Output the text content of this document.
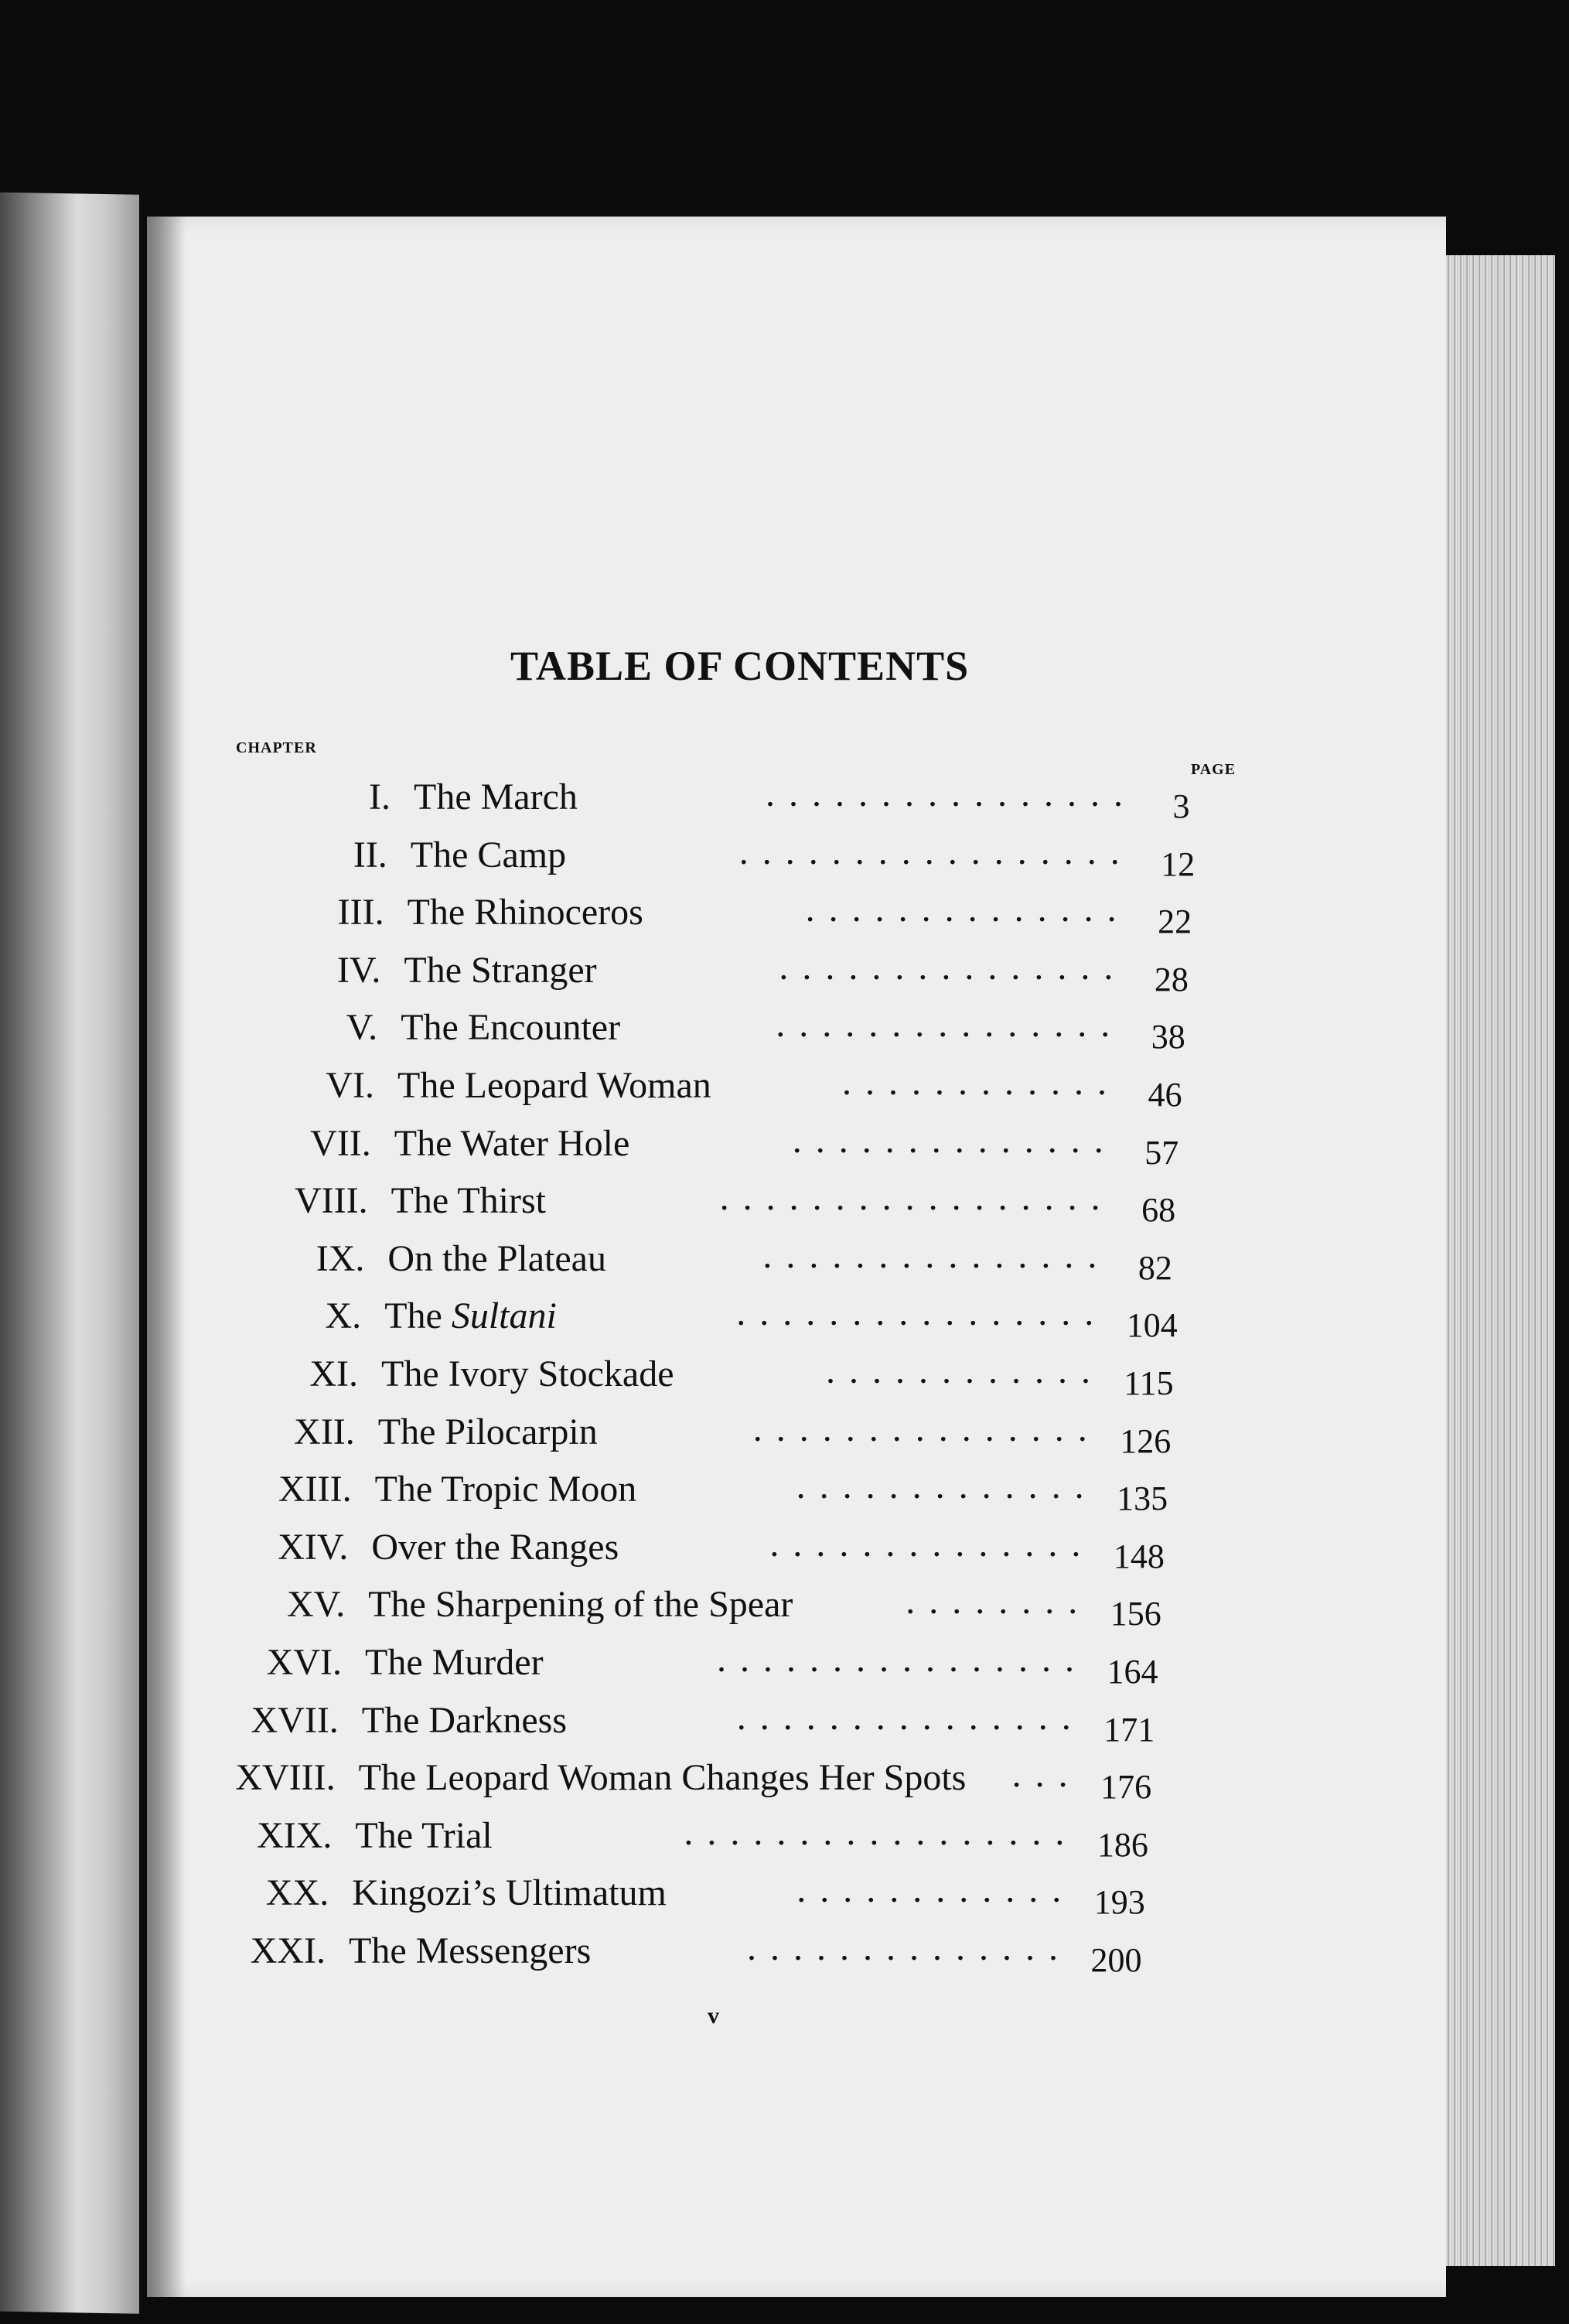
TABLE OF CONTENTS
CHAPTER
PAGE
I. The March	................	3
II. The Camp	................. 12
III. The Rhinoceros	.............. 22
IV. The Stranger	............... 28
V. The Encounter	............... 38
VI. The Leopard Woman	............ 46
VII. The Water Hole	.............. 57
VIII. The Thirst	................. 68
IX. On the Plateau	............... 82
X. The Sultani	................ 104
XI. The Ivory Stockade	............ 115
XII. The Pilocarpin	............... 126
XIII. The Tropic Moon	............. 135
XIV. Over the Ranges	.............. 148
XV. The Sharpening of the Spear	........ 156
XVI. The Murder	................ 164
XVII. The Darkness	............... 171
XVIII. The Leopard Woman Changes Her Spots	... 176
XIX. The Trial	................. 186
XX. Kingozi’s Ultimatum	............ 193
XXI. The Messengers	.............. 200
v
